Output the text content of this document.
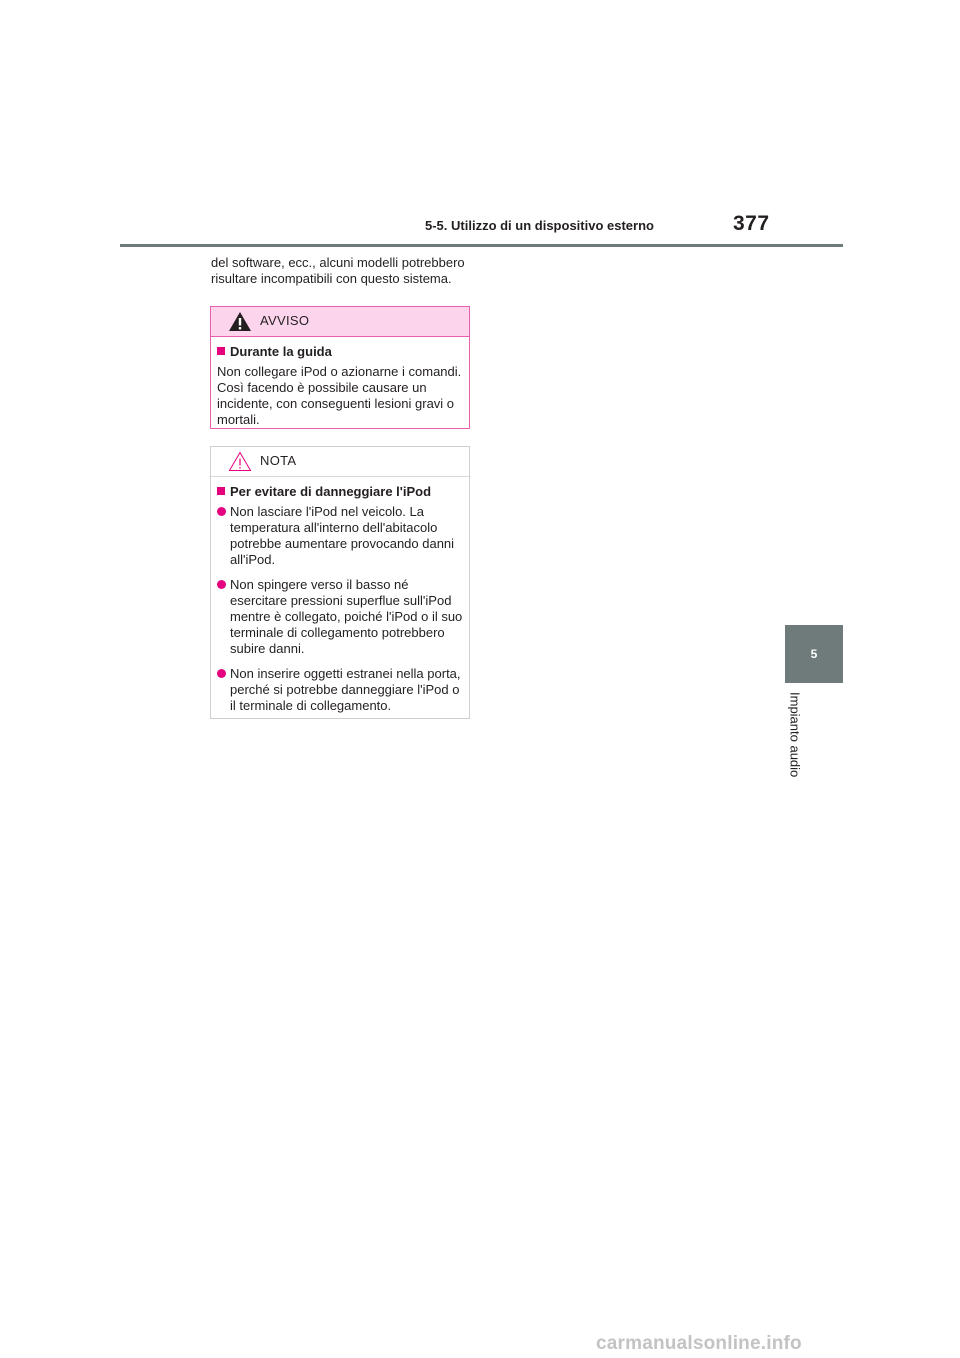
5-5. Utilizzo di un dispositivo esterno	377
del software, ecc., alcuni modelli potrebbero risultare incompatibili con questo sistema.
AVVISO
Durante la guida

Non collegare iPod o azionarne i comandi. Così facendo è possibile causare un incidente, con conseguenti lesioni gravi o mortali.

NOTA
Per evitare di danneggiare l'iPod
Non lasciare l'iPod nel veicolo. La temperatura all'interno dell'abitacolo potrebbe aumentare provocando danni all'iPod.
Non spingere verso il basso né esercitare pressioni superflue sull'iPod mentre è collegato, poiché l'iPod o il suo terminale di collegamento potrebbero subire danni.
Non inserire oggetti estranei nella porta, perché si potrebbe danneggiare l'iPod o il terminale di collegamento.
5
Impianto audio
carmanualsonline.info
